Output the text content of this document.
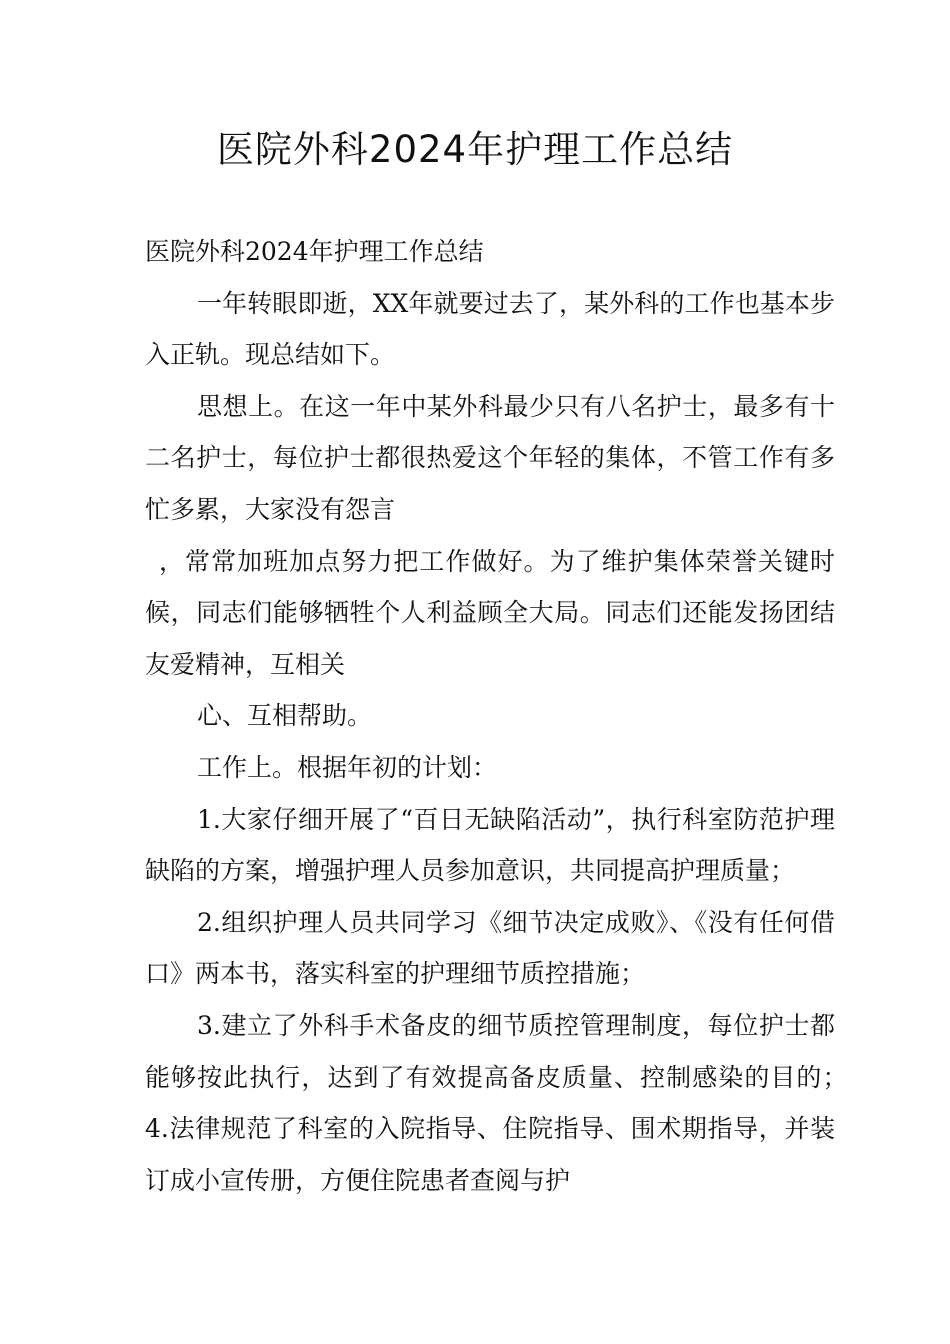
医院外科2024年护理工作总结

医院外科2024年护理工作总结

一年转眼即逝，XX年就要过去了，某外科的工作也基本步入正轨。现总结如下。

思想上。在这一年中某外科最少只有八名护士，最多有十二名护士，每位护士都很热爱这个年轻的集体，不管工作有多忙多累，大家没有怨言

，常常加班加点努力把工作做好。为了维护集体荣誉关键时候，同志们能够牺牲个人利益顾全大局。同志们还能发扬团结友爱精神，互相关

心、互相帮助。

工作上。根据年初的计划：

1.大家仔细开展了“百日无缺陷活动”，执行科室防范护理缺陷的方案，增强护理人员参加意识，共同提高护理质量；

2.组织护理人员共同学习《细节决定成败》、《没有任何借口》两本书，落实科室的护理细节质控措施；

3.建立了外科手术备皮的细节质控管理制度，每位护士都能够按此执行，达到了有效提高备皮质量、控制感染的目的；　　　　4.法律规范了科室的入院指导、住院指导、围术期指导，并装订成小宣传册，方便住院患者查阅与护
